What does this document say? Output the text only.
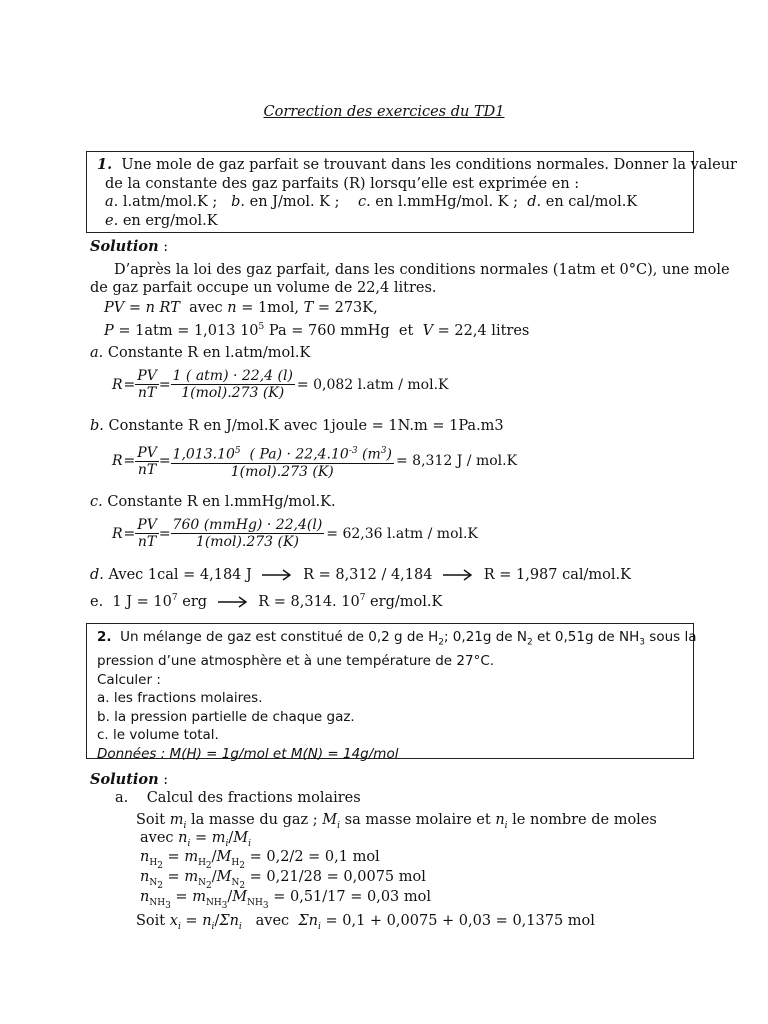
Correction des exercices du TD1
1. Une mole de gaz parfait se trouvant dans les conditions normales. Donner la valeur
de la constante des gaz parfaits (R) lorsqu’elle est exprimée en :
a. l.atm/mol.K ; b. en J/mol. K ; c. en l.mmHg/mol. K ; d. en cal/mol.K
e. en erg/mol.K
Solution :
D’après la loi des gaz parfait, dans les conditions normales (1atm et 0°C), une mole
de gaz parfait occupe un volume de 22,4 litres.
PV = n RT  avec n = 1mol, T = 273K,
P = 1atm = 1,013 $10^5$ Pa = 760 mmHg  et  V = 22,4 litres
a. Constante R en l.atm/mol.K
$R = \frac{PV}{nT} = \frac{\text{1 ( atm) · 22,4 (l)}}{\text{1(mol).273 (K)}} = 0,082$ l.atm / mol.K
b. Constante R en J/mol.K avec 1joule = 1N.m = 1Pa.m3
$R = \frac{PV}{nT} = \frac{1,013.10^5 ( Pa) \cdot 22,4.10^{-3} (m^3)}{\text{1(mol).273 (K)}} = 8,312$ J / mol.K
c. Constante R en l.mmHg/mol.K.
$R = \frac{PV}{nT} = \frac{\text{760 (mmHg) · 22,4(l)}}{\text{1(mol).273 (K)}} = 62,36$ l.atm / mol.K
d. Avec 1cal = 4,184 J	R = 8,312 / 4,184	R = 1,987 cal/mol.K
e.  1 $J = 10^7$ erg	R = 8,314. $10^7$ erg/mol.K
2.  Un mélange de gaz est constitué de 0,2 g de $H_2$; 0,21g de $N_2$ et 0,51g de $NH_3$ sous la
pression d’une atmosphère et à une température de 27°C.
Calculer :
a. les fractions molaires.
b. la pression partielle de chaque gaz.
c. le volume total.
Données : M(H) = 1g/mol et M(N) = 14g/mol
Solution :
a.    Calcul des fractions molaires
Soit $m_i$ la masse du gaz ; $M_i$ sa masse molaire et $n_i$ le nombre de moles
avec $n_i = m_i/M_i$
$n_{H_2} = m_{H_2}/M_{H_2} = 0,2/2 = 0,1$ mol
$n_{N_2} = m_{N_2}/M_{N_2} = 0,21/28 = 0,0075$ mol
$n_{NH_3} = m_{NH_3}/M_{NH_3} = 0,51/17 = 0,03$ mol
Soit $x_i = n_i/\Sigma n_i$   avec  $\Sigma n_i = 0,1 + 0,0075 + 0,03 = 0,1375$ mol
